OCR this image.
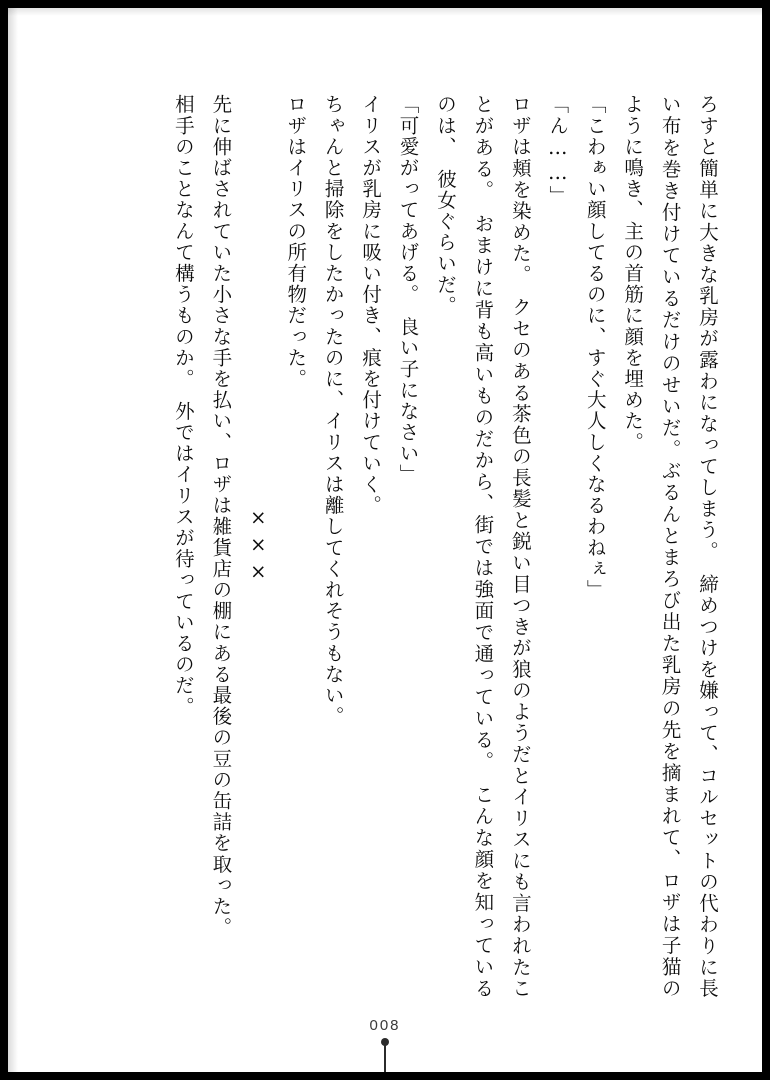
ろすと簡単に大きな乳房が露わになってしまう。　締めつけを嫌って、コルセットの代わりに長い布を巻き付けているだけのせいだ。ぶるんとまろび出た乳房の先を摘まれて、ロザは子猫のように鳴き、主の首筋に顔を埋めた。

「こわぁい顔してるのに、すぐ大人しくなるわねぇ」

「ん……」

ロザは頬を染めた。　クセのある茶色の長髪と鋭い目つきが狼のようだとイリスにも言われたことがある。　おまけに背も高いものだから、街では強面で通っている。　こんな顔を知っているのは、　彼女ぐらいだ。

「可愛がってあげる。　良い子になさい」

イリスが乳房に吸い付き、痕を付けていく。

ちゃんと掃除をしたかったのに、イリスは離してくれそうもない。

ロザはイリスの所有物だった。

×××

先に伸ばされていた小さな手を払い、ロザは雑貨店の棚にある最後の豆の缶詰を取った。

相手のことなんて構うものか。　外ではイリスが待っているのだ。

008
